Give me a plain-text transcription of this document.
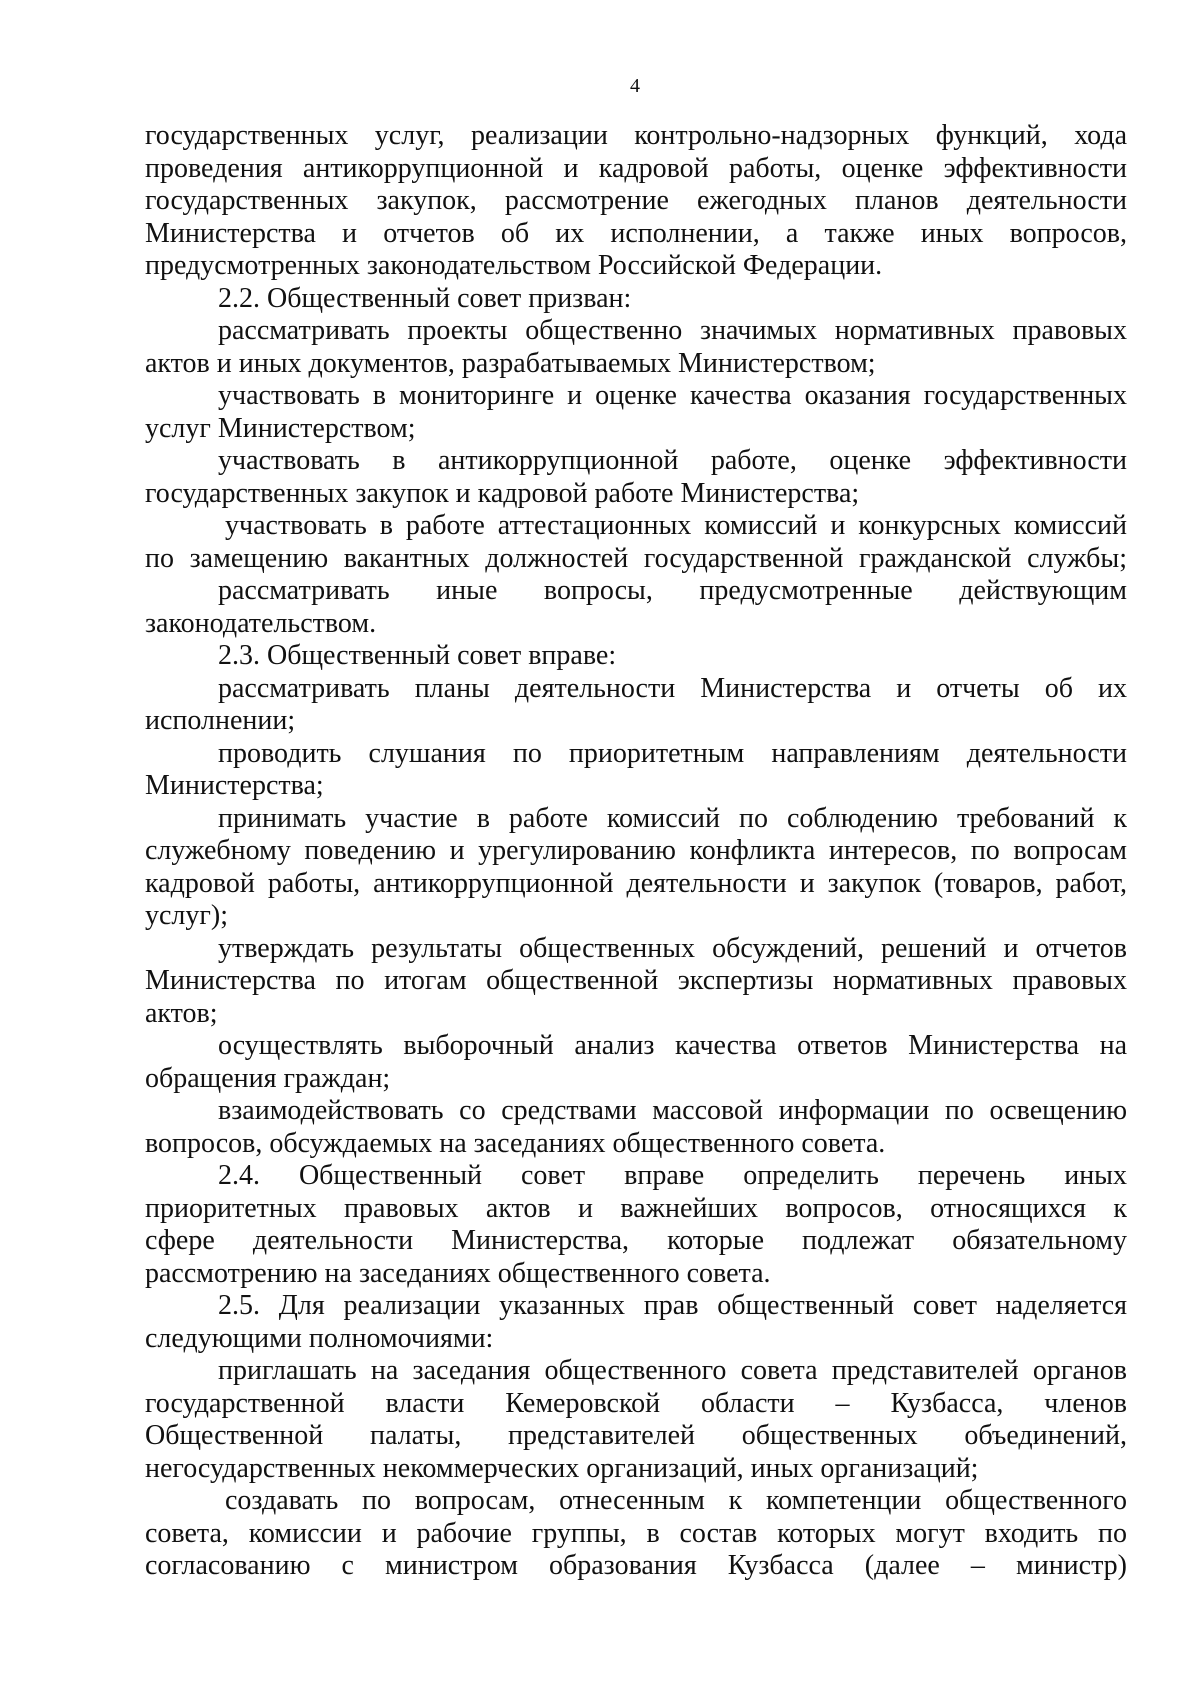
4
государственных услуг, реализации контрольно-надзорных функций, хода
проведения антикоррупционной и кадровой работы, оценке эффективности
государственных закупок, рассмотрение ежегодных планов деятельности
Министерства и отчетов об их исполнении, а также иных вопросов,
предусмотренных законодательством Российской Федерации.
2.2. Общественный совет призван:
рассматривать проекты общественно значимых нормативных правовых
актов и иных документов, разрабатываемых Министерством;
участвовать в мониторинге и оценке качества оказания государственных
услуг Министерством;
участвовать в антикоррупционной работе, оценке эффективности
государственных закупок и кадровой работе Министерства;
участвовать в работе аттестационных комиссий и конкурсных комиссий
по замещению вакантных должностей государственной гражданской службы;
рассматривать иные вопросы, предусмотренные действующим
законодательством.
2.3. Общественный совет вправе:
рассматривать планы деятельности Министерства и отчеты об их
исполнении;
проводить слушания по приоритетным направлениям деятельности
Министерства;
принимать участие в работе комиссий по соблюдению требований к
служебному поведению и урегулированию конфликта интересов, по вопросам
кадровой работы, антикоррупционной деятельности и закупок (товаров, работ,
услуг);
утверждать результаты общественных обсуждений, решений и отчетов
Министерства по итогам общественной экспертизы нормативных правовых
актов;
осуществлять выборочный анализ качества ответов Министерства на
обращения граждан;
взаимодействовать со средствами массовой информации по освещению
вопросов, обсуждаемых на заседаниях общественного совета.
2.4. Общественный совет вправе определить перечень иных
приоритетных правовых актов и важнейших вопросов, относящихся к
сфере деятельности Министерства, которые подлежат обязательному
рассмотрению на заседаниях общественного совета.
2.5. Для реализации указанных прав общественный совет наделяется
следующими полномочиями:
приглашать на заседания общественного совета представителей органов
государственной власти Кемеровской области – Кузбасса, членов
Общественной палаты, представителей общественных объединений,
негосударственных некоммерческих организаций, иных организаций;
создавать по вопросам, отнесенным к компетенции общественного
совета, комиссии и рабочие группы, в состав которых могут входить по
согласованию с министром образования Кузбасса (далее – министр)
